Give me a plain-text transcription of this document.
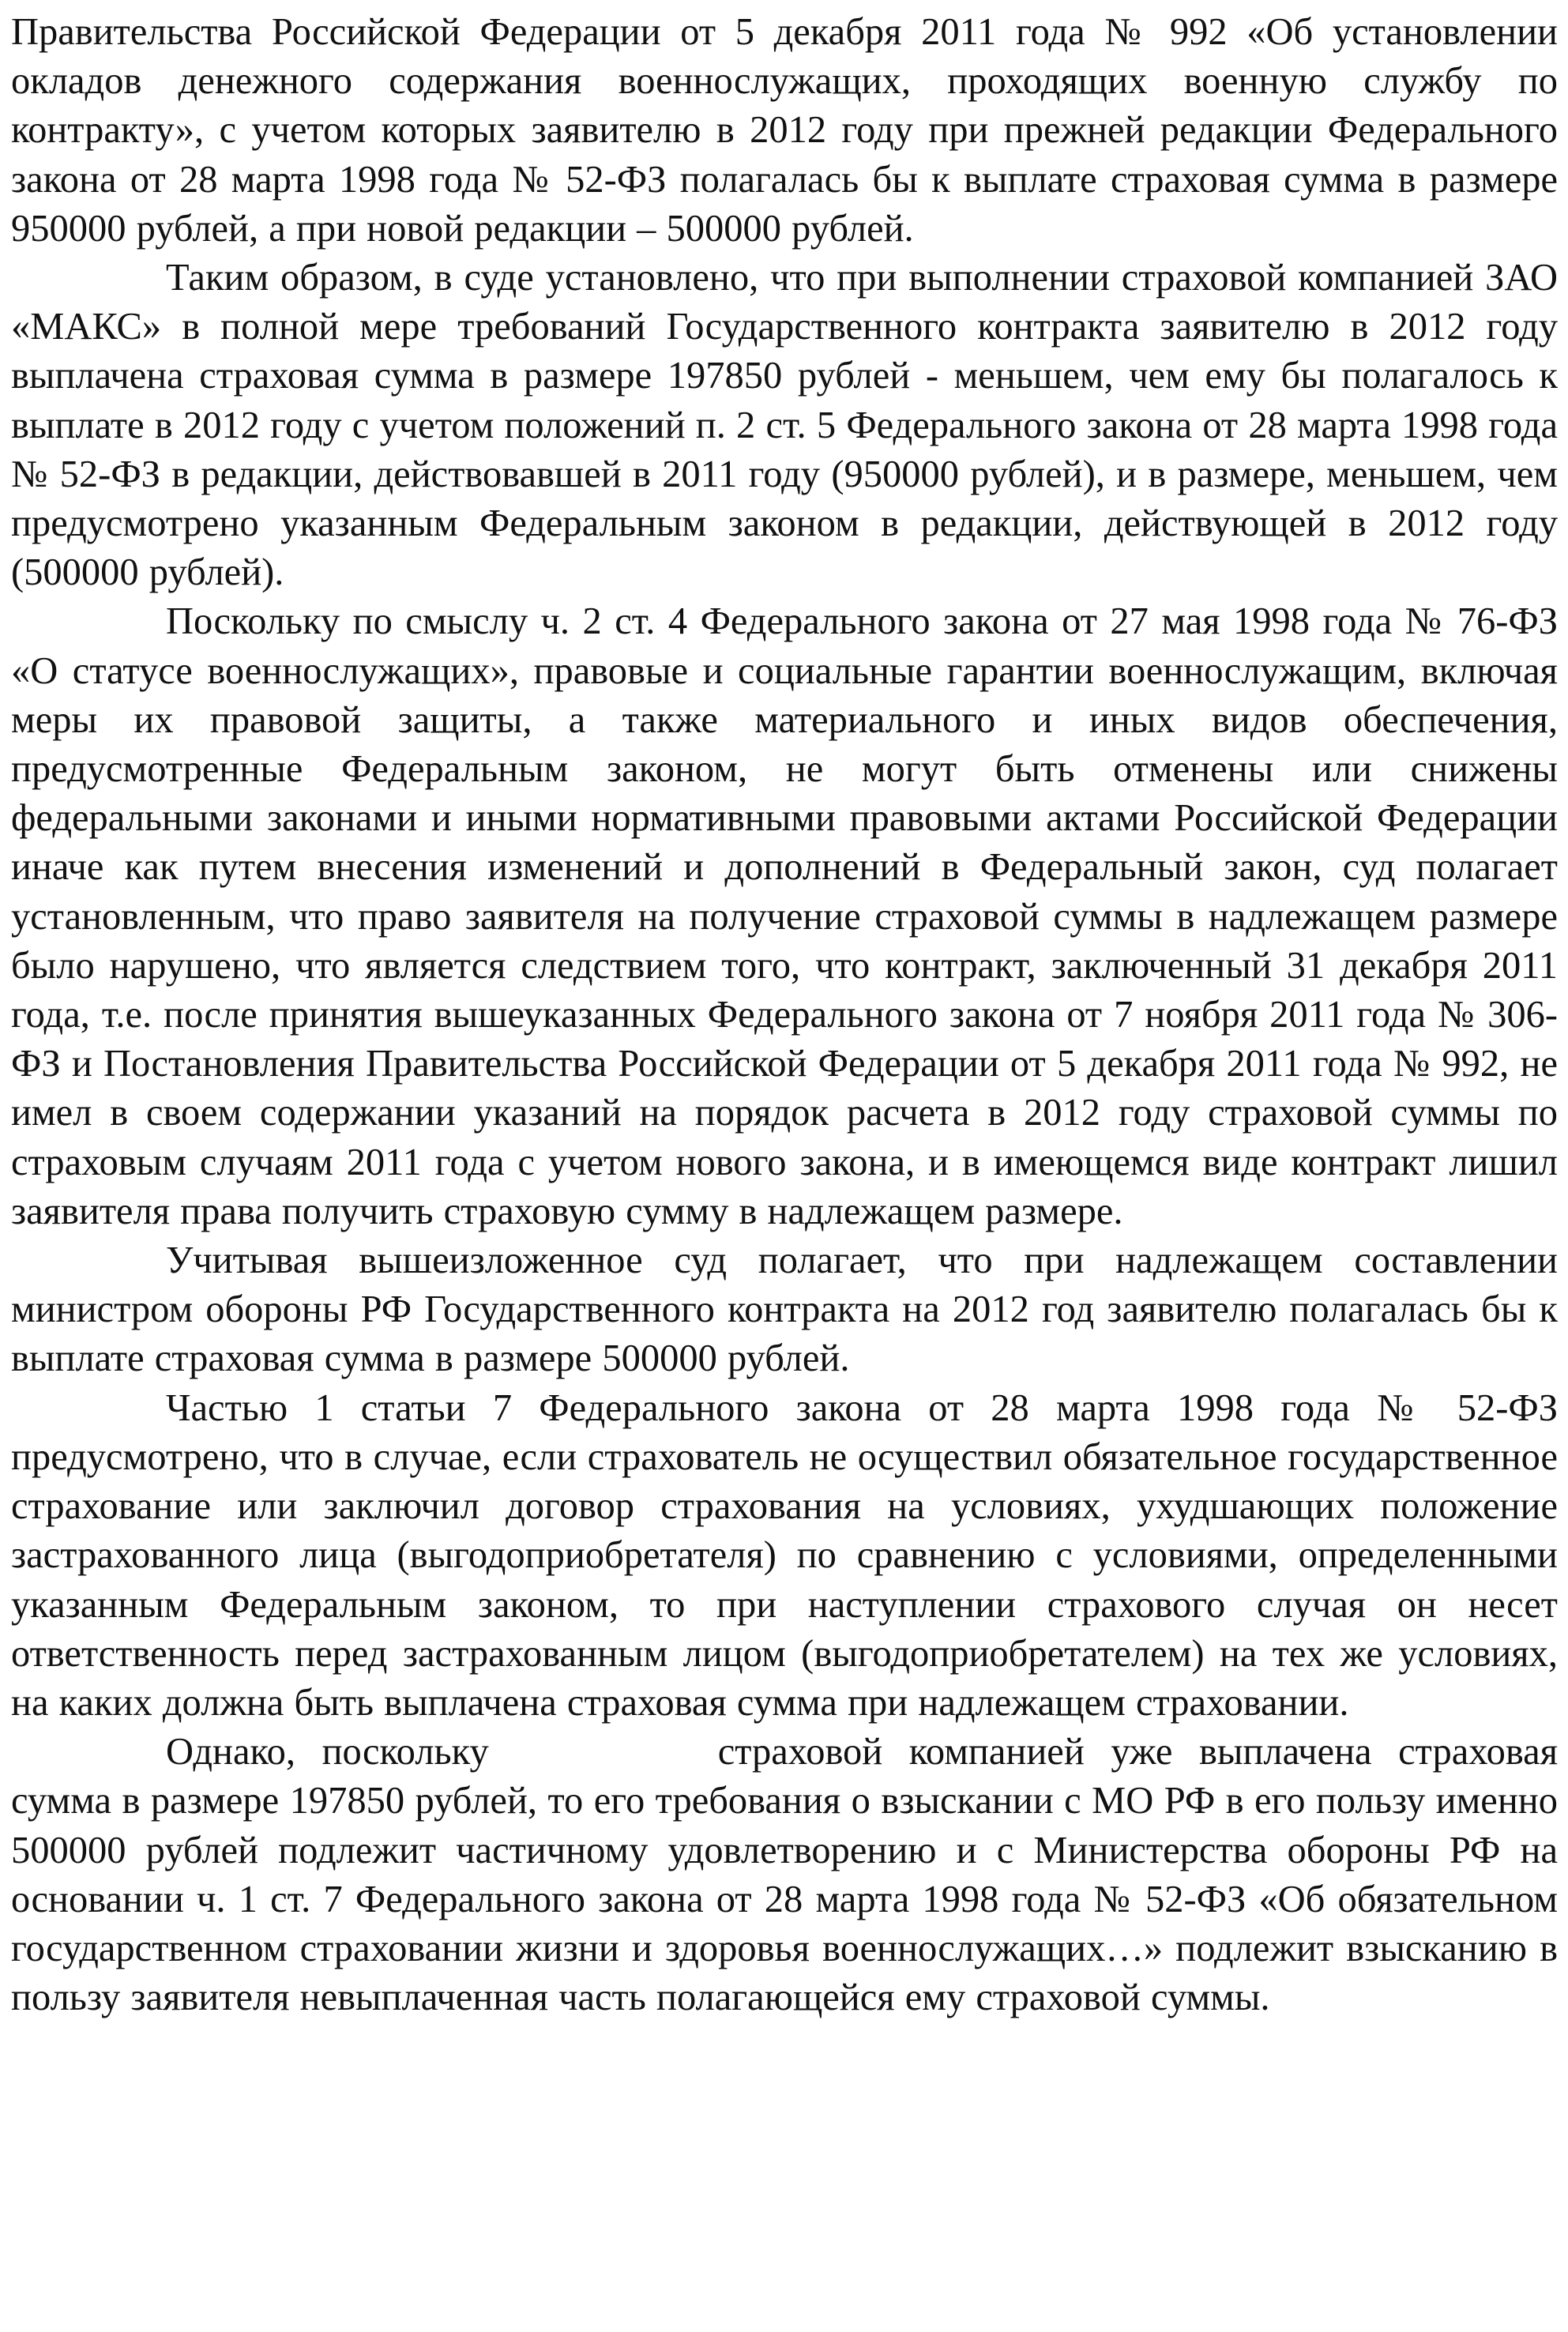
Правительства Российской Федерации от 5 декабря 2011 года № 992 «Об установлении окладов денежного содержания военнослужащих, проходящих военную службу по контракту», с учетом которых заявителю в 2012 году при прежней редакции Федерального закона от 28 марта 1998 года № 52-ФЗ полагалась бы к выплате страховая сумма в размере 950000 рублей, а при новой редакции – 500000 рублей.

Таким образом, в суде установлено, что при выполнении страховой компанией ЗАО «МАКС» в полной мере требований Государственного контракта заявителю в 2012 году выплачена страховая сумма в размере 197850 рублей - меньшем, чем ему бы полагалось к выплате в 2012 году с учетом положений п. 2 ст. 5 Федерального закона от 28 марта 1998 года № 52-ФЗ в редакции, действовавшей в 2011 году (950000 рублей), и в размере, меньшем, чем предусмотрено указанным Федеральным законом в редакции, действующей в 2012 году (500000 рублей).

Поскольку по смыслу ч. 2 ст. 4 Федерального закона от 27 мая 1998 года № 76-ФЗ «О статусе военнослужащих», правовые и социальные гарантии военнослужащим, включая меры их правовой защиты, а также материального и иных видов обеспечения, предусмотренные Федеральным законом, не могут быть отменены или снижены федеральными законами и иными нормативными правовыми актами Российской Федерации иначе как путем внесения изменений и дополнений в Федеральный закон, суд полагает установленным, что право заявителя на получение страховой суммы в надлежащем размере было нарушено, что является следствием того, что контракт, заключенный 31 декабря 2011 года, т.е. после принятия вышеуказанных Федерального закона от 7 ноября 2011 года № 306-ФЗ и Постановления Правительства Российской Федерации от 5 декабря 2011 года № 992, не имел в своем содержании указаний на порядок расчета в 2012 году страховой суммы по страховым случаям 2011 года с учетом нового закона, и в имеющемся виде контракт лишил заявителя права получить страховую сумму в надлежащем размере.

Учитывая вышеизложенное суд полагает, что при надлежащем составлении министром обороны РФ Государственного контракта на 2012 год заявителю полагалась бы к выплате страховая сумма в размере 500000 рублей.

Частью 1 статьи 7 Федерального закона от 28 марта 1998 года № 52-ФЗ предусмотрено, что в случае, если страхователь не осуществил обязательное государственное страхование или заключил договор страхования на условиях, ухудшающих положение застрахованного лица (выгодоприобретателя) по сравнению с условиями, определенными указанным Федеральным законом, то при наступлении страхового случая он несет ответственность перед застрахованным лицом (выгодоприобретателем) на тех же условиях, на каких должна быть выплачена страховая сумма при надлежащем страховании.

Однако, поскольку	страховой компанией уже выплачена страховая сумма в размере 197850 рублей, то его требования о взыскании с МО РФ в его пользу именно 500000 рублей подлежит частичному удовлетворению и с Министерства обороны РФ на основании ч. 1 ст. 7 Федерального закона от 28 марта 1998 года № 52-ФЗ «Об обязательном государственном страховании жизни и здоровья военнослужащих…» подлежит взысканию в пользу заявителя невыплаченная часть полагающейся ему страховой суммы.
